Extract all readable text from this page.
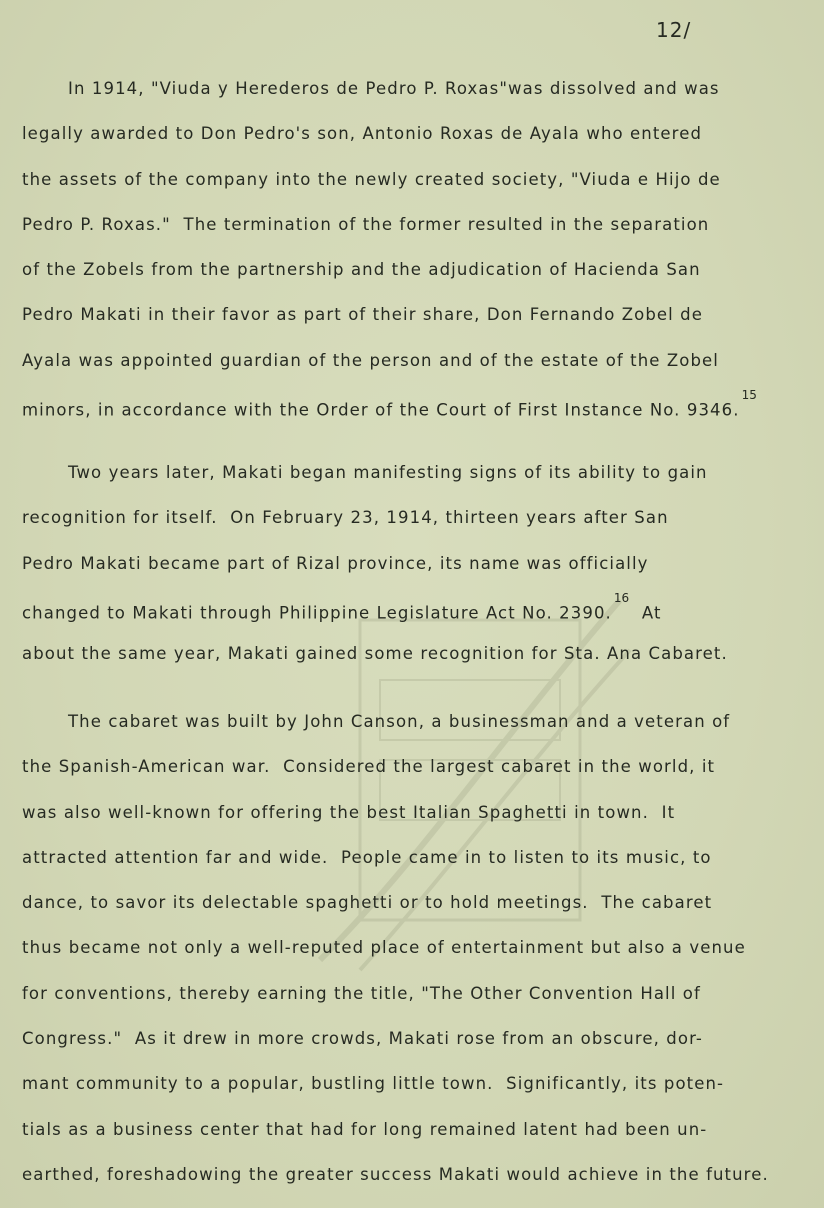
12/
In 1914, "Viuda y Herederos de Pedro P. Roxas"was dissolved and was
legally awarded to Don Pedro's son, Antonio Roxas de Ayala who entered
the assets of the company into the newly created society, "Viuda e Hijo de
Pedro P. Roxas."  The termination of the former resulted in the separation
of the Zobels from the partnership and the adjudication of Hacienda San
Pedro Makati in their favor as part of their share, Don Fernando Zobel de
Ayala was appointed guardian of the person and of the estate of the Zobel
minors, in accordance with the Order of the Court of First Instance No. 9346.15
Two years later, Makati began manifesting signs of its ability to gain
recognition for itself.  On February 23, 1914, thirteen years after San
Pedro Makati became part of Rizal province, its name was officially
changed to Makati through Philippine Legislature Act No. 2390.16  At
about the same year, Makati gained some recognition for Sta. Ana Cabaret.
The cabaret was built by John Canson, a businessman and a veteran of
the Spanish-American war.  Considered the largest cabaret in the world, it
was also well-known for offering the best Italian Spaghetti in town.  It
attracted attention far and wide.  People came in to listen to its music, to
dance, to savor its delectable spaghetti or to hold meetings.  The cabaret
thus became not only a well-reputed place of entertainment but also a venue
for conventions, thereby earning the title, "The Other Convention Hall of
Congress."  As it drew in more crowds, Makati rose from an obscure, dor-
mant community to a popular, bustling little town.  Significantly, its poten-
tials as a business center that had for long remained latent had been un-
earthed, foreshadowing the greater success Makati would achieve in the future.
